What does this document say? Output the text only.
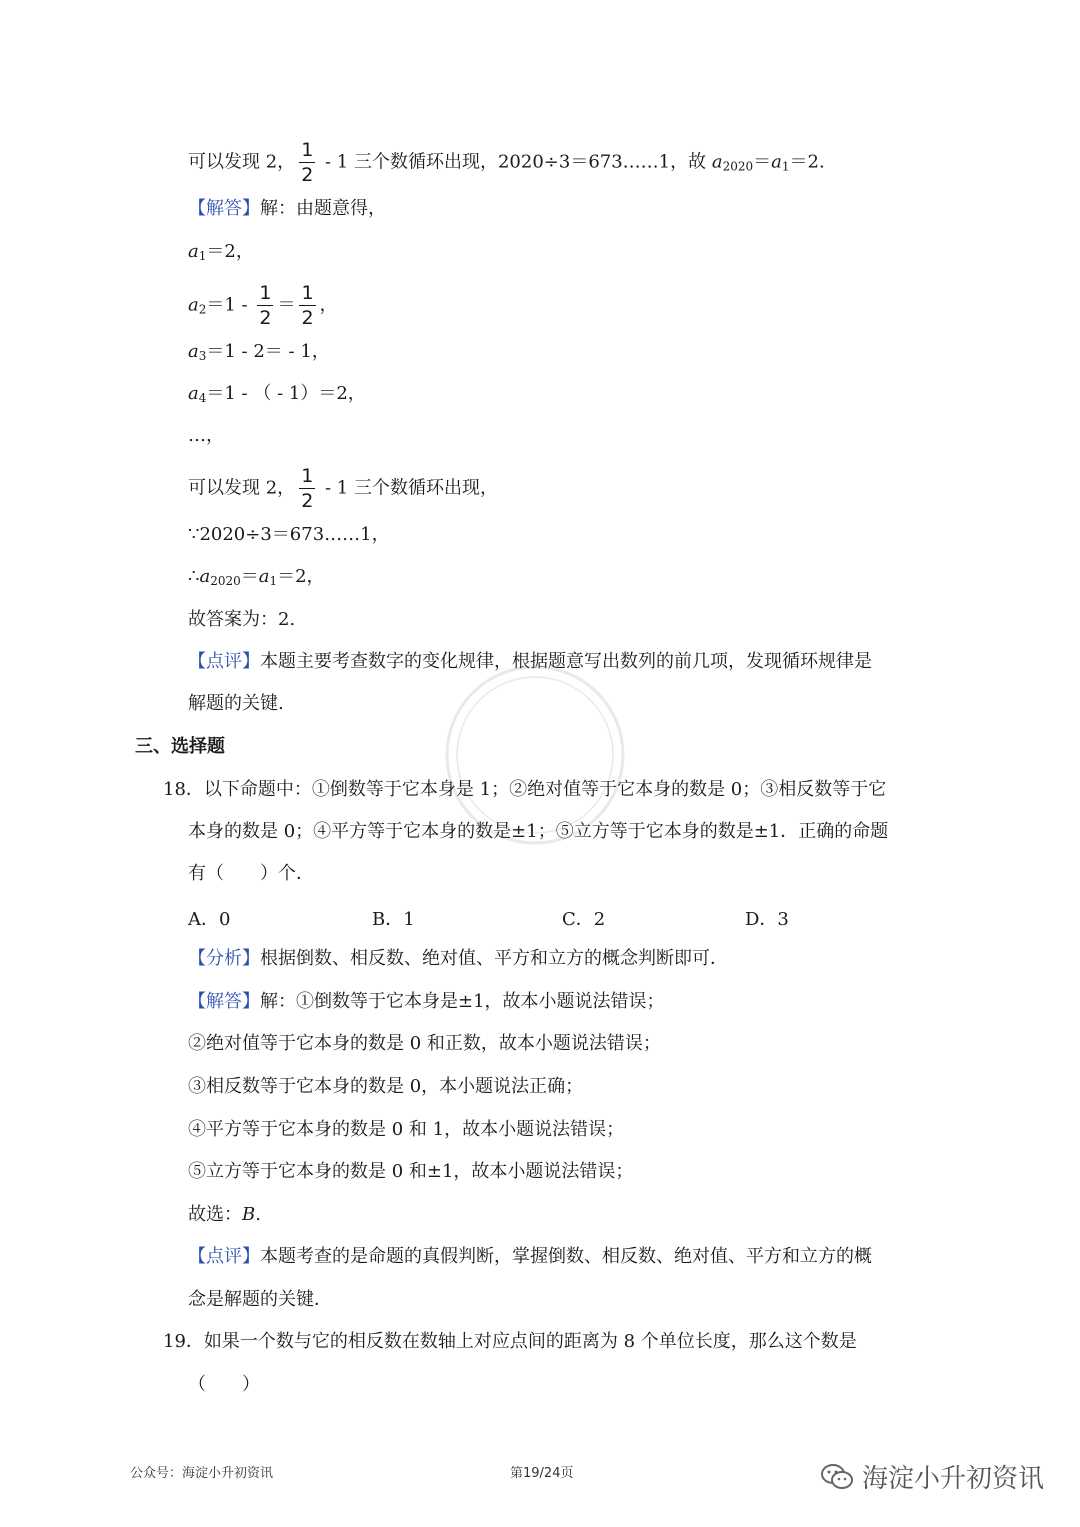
可以发现 2， $\frac{1}{2} - 1$ 三个数循环出现，2020÷3＝673……1，故 $a_{2020}=a_1=2$.
【解答】解：由题意得，
$a_1=2$，
$a_2=1 - \frac{1}{2} = \frac{1}{2}$ ，
$a_3=1 - 2= - 1$，
$a_4=1$ - （ - 1）＝2，
…，
可以发现 2， $\frac{1}{2} - 1$ 三个数循环出现，
∵2020÷3＝673……1，
$\therefore a_{2020}=a_1=2$，
故答案为：2.
【点评】本题主要考查数字的变化规律，根据题意写出数列的前几项，发现循环规律是
解题的关键.
三、选择题
18．以下命题中：①倒数等于它本身是 1；②绝对值等于它本身的数是 0；③相反数等于它
本身的数是 0；④平方等于它本身的数是±1；⑤立方等于它本身的数是±1．正确的命题
有（　　）个．
A．0	B．1	C．2	D．3
【分析】根据倒数、相反数、绝对值、平方和立方的概念判断即可．
【解答】解：①倒数等于它本身是±1，故本小题说法错误；
②绝对值等于它本身的数是 0 和正数，故本小题说法错误；
③相反数等于它本身的数是 0，本小题说法正确；
④平方等于它本身的数是 0 和 1，故本小题说法错误；
⑤立方等于它本身的数是 0 和±1，故本小题说法错误；
故选：B.
【点评】本题考查的是命题的真假判断，掌握倒数、相反数、绝对值、平方和立方的概
念是解题的关键．
19．如果一个数与它的相反数在数轴上对应点间的距离为 8 个单位长度，那么这个数是
（　　）
公众号：海淀小升初资讯	第19/24页	海淀小升初资讯
